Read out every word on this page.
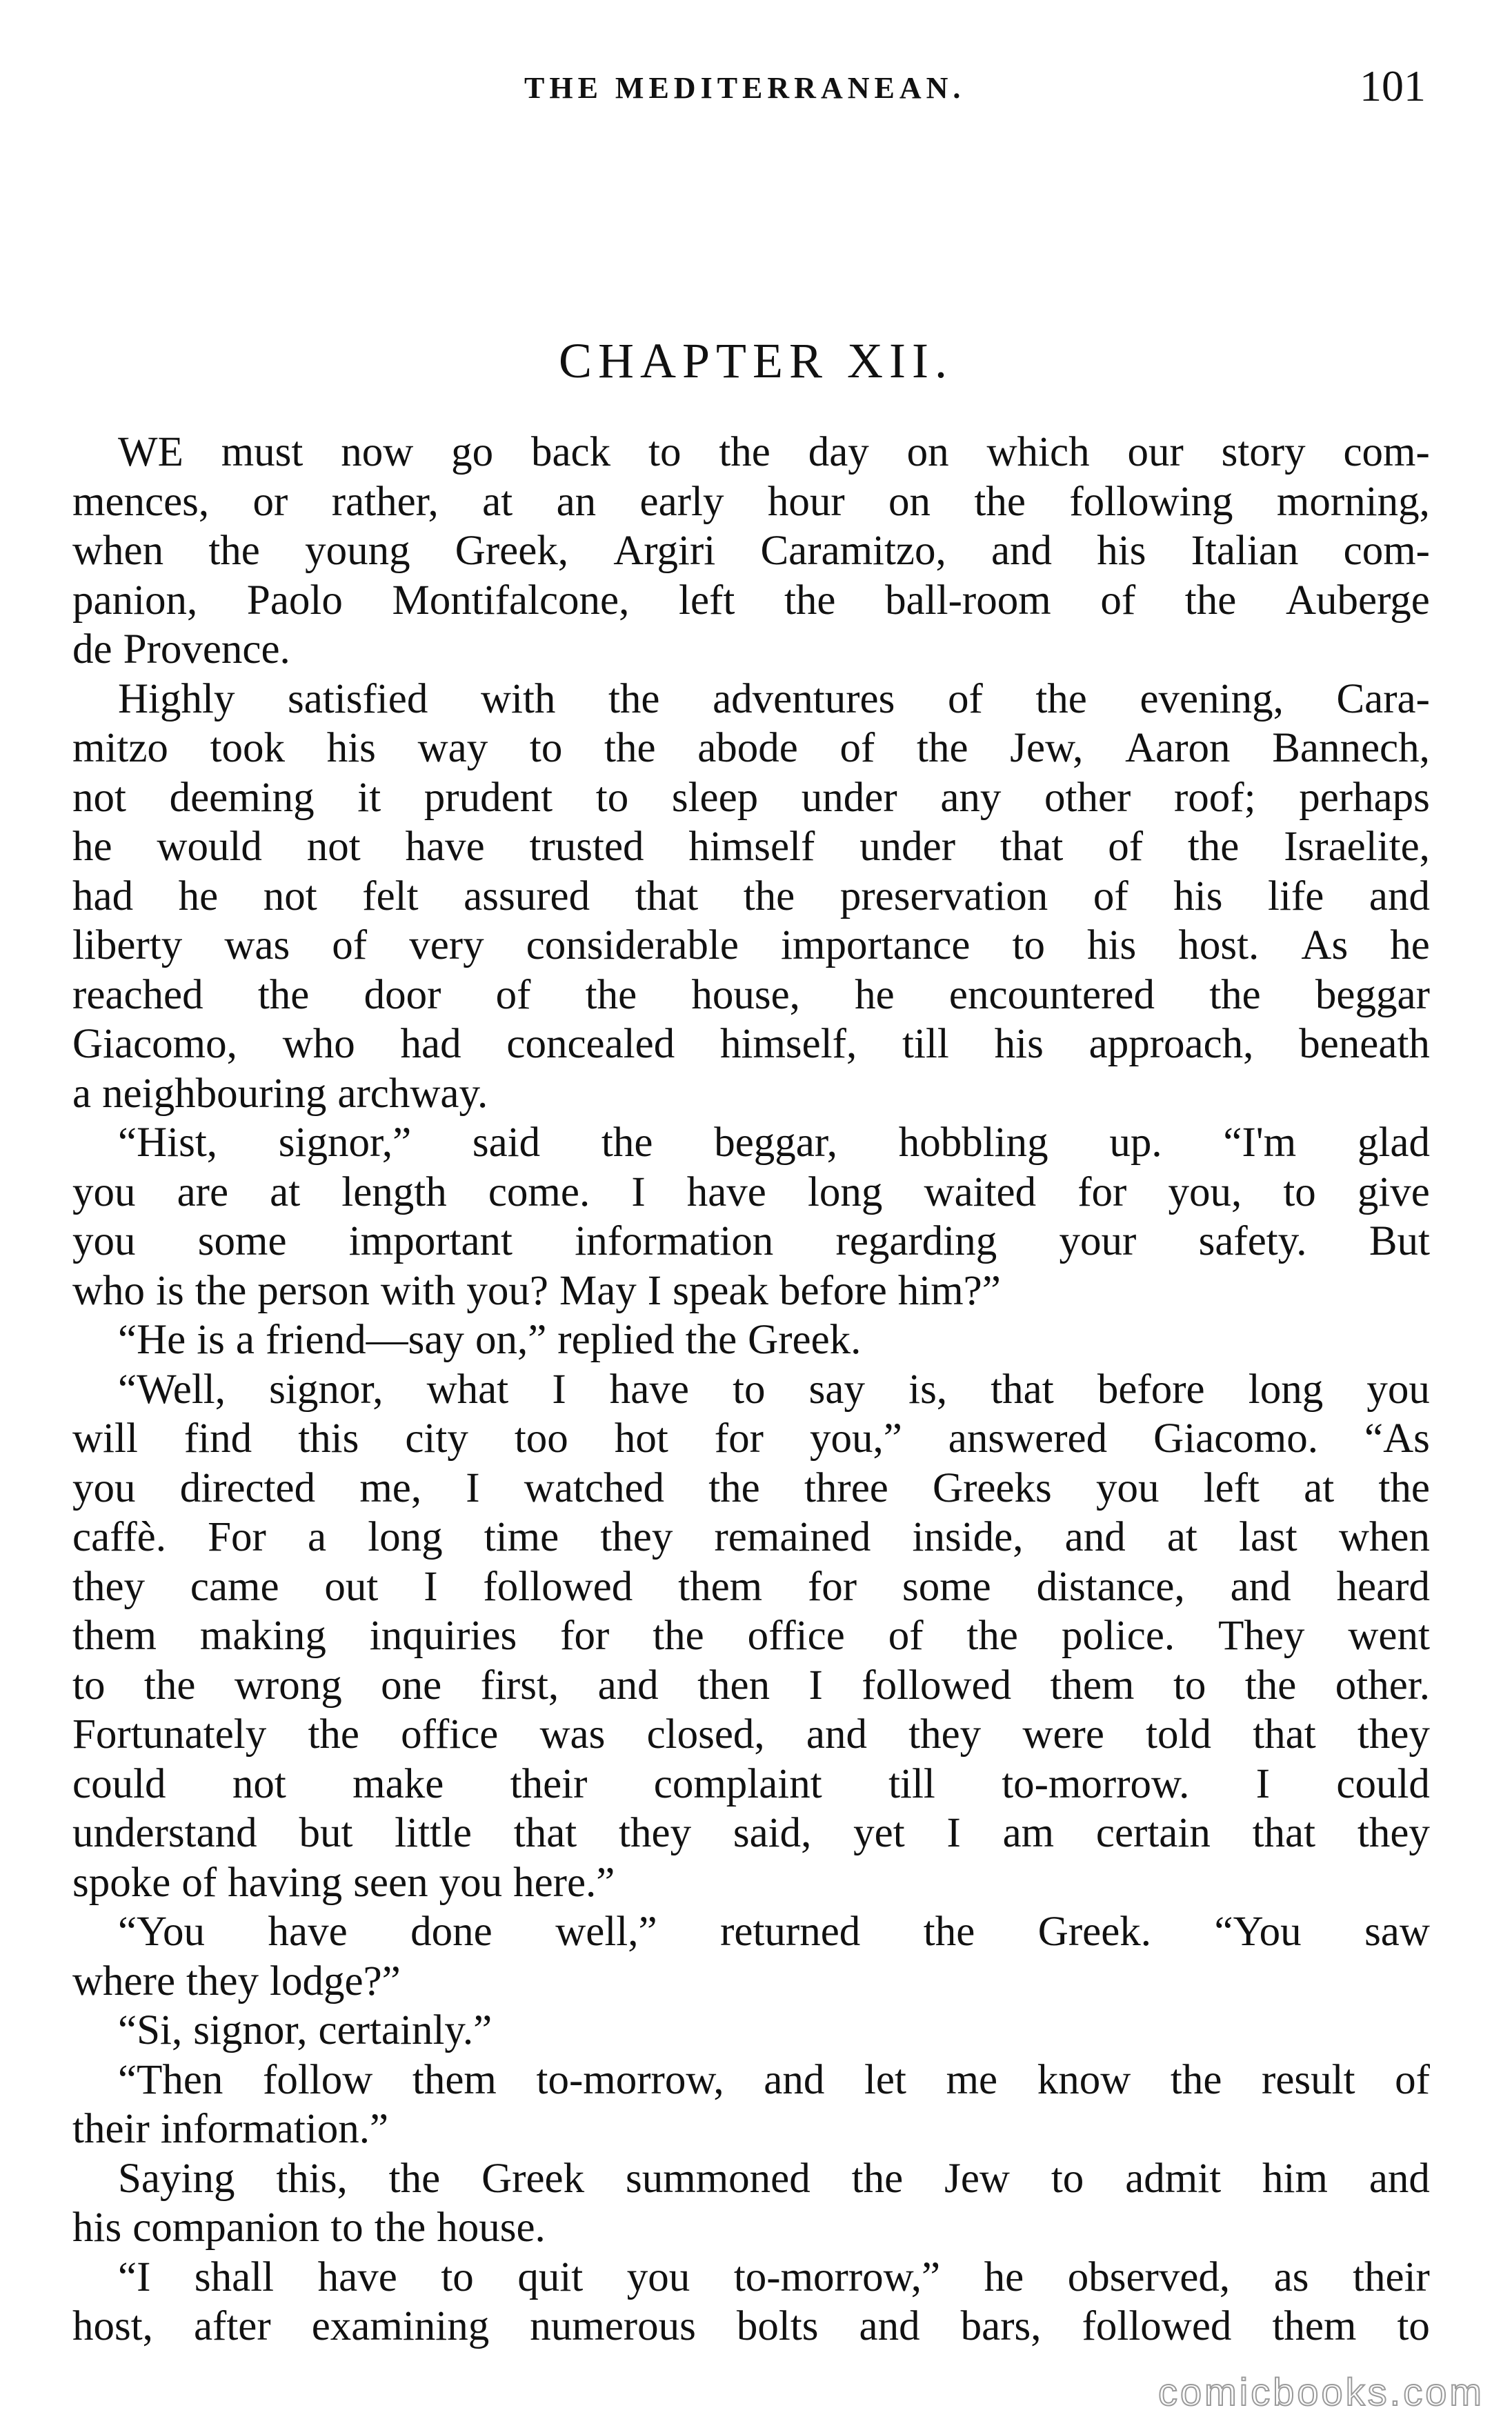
THE MEDITERRANEAN.	101
CHAPTER XII.
WE must now go back to the day on which our story com-
mences, or rather, at an early hour on the following morning,
when the young Greek, Argiri Caramitzo, and his Italian com-
panion, Paolo Montifalcone, left the ball-room of the Auberge
de Provence.
Highly satisfied with the adventures of the evening, Cara-
mitzo took his way to the abode of the Jew, Aaron Bannech,
not deeming it prudent to sleep under any other roof; perhaps
he would not have trusted himself under that of the Israelite,
had he not felt assured that the preservation of his life and
liberty was of very considerable importance to his host. As he
reached the door of the house, he encountered the beggar
Giacomo, who had concealed himself, till his approach, beneath
a neighbouring archway.
“Hist, signor,” said the beggar, hobbling up. “I'm glad
you are at length come. I have long waited for you, to give
you some important information regarding your safety. But
who is the person with you? May I speak before him?”
“He is a friend—say on,” replied the Greek.
“Well, signor, what I have to say is, that before long you
will find this city too hot for you,” answered Giacomo. “As
you directed me, I watched the three Greeks you left at the
caffè. For a long time they remained inside, and at last when
they came out I followed them for some distance, and heard
them making inquiries for the office of the police. They went
to the wrong one first, and then I followed them to the other.
Fortunately the office was closed, and they were told that they
could not make their complaint till to-morrow. I could
understand but little that they said, yet I am certain that they
spoke of having seen you here.”
“You have done well,” returned the Greek. “You saw
where they lodge?”
“Si, signor, certainly.”
“Then follow them to-morrow, and let me know the result of
their information.”
Saying this, the Greek summoned the Jew to admit him and
his companion to the house.
“I shall have to quit you to-morrow,” he observed, as their
host, after examining numerous bolts and bars, followed them to
comicbooks.com
